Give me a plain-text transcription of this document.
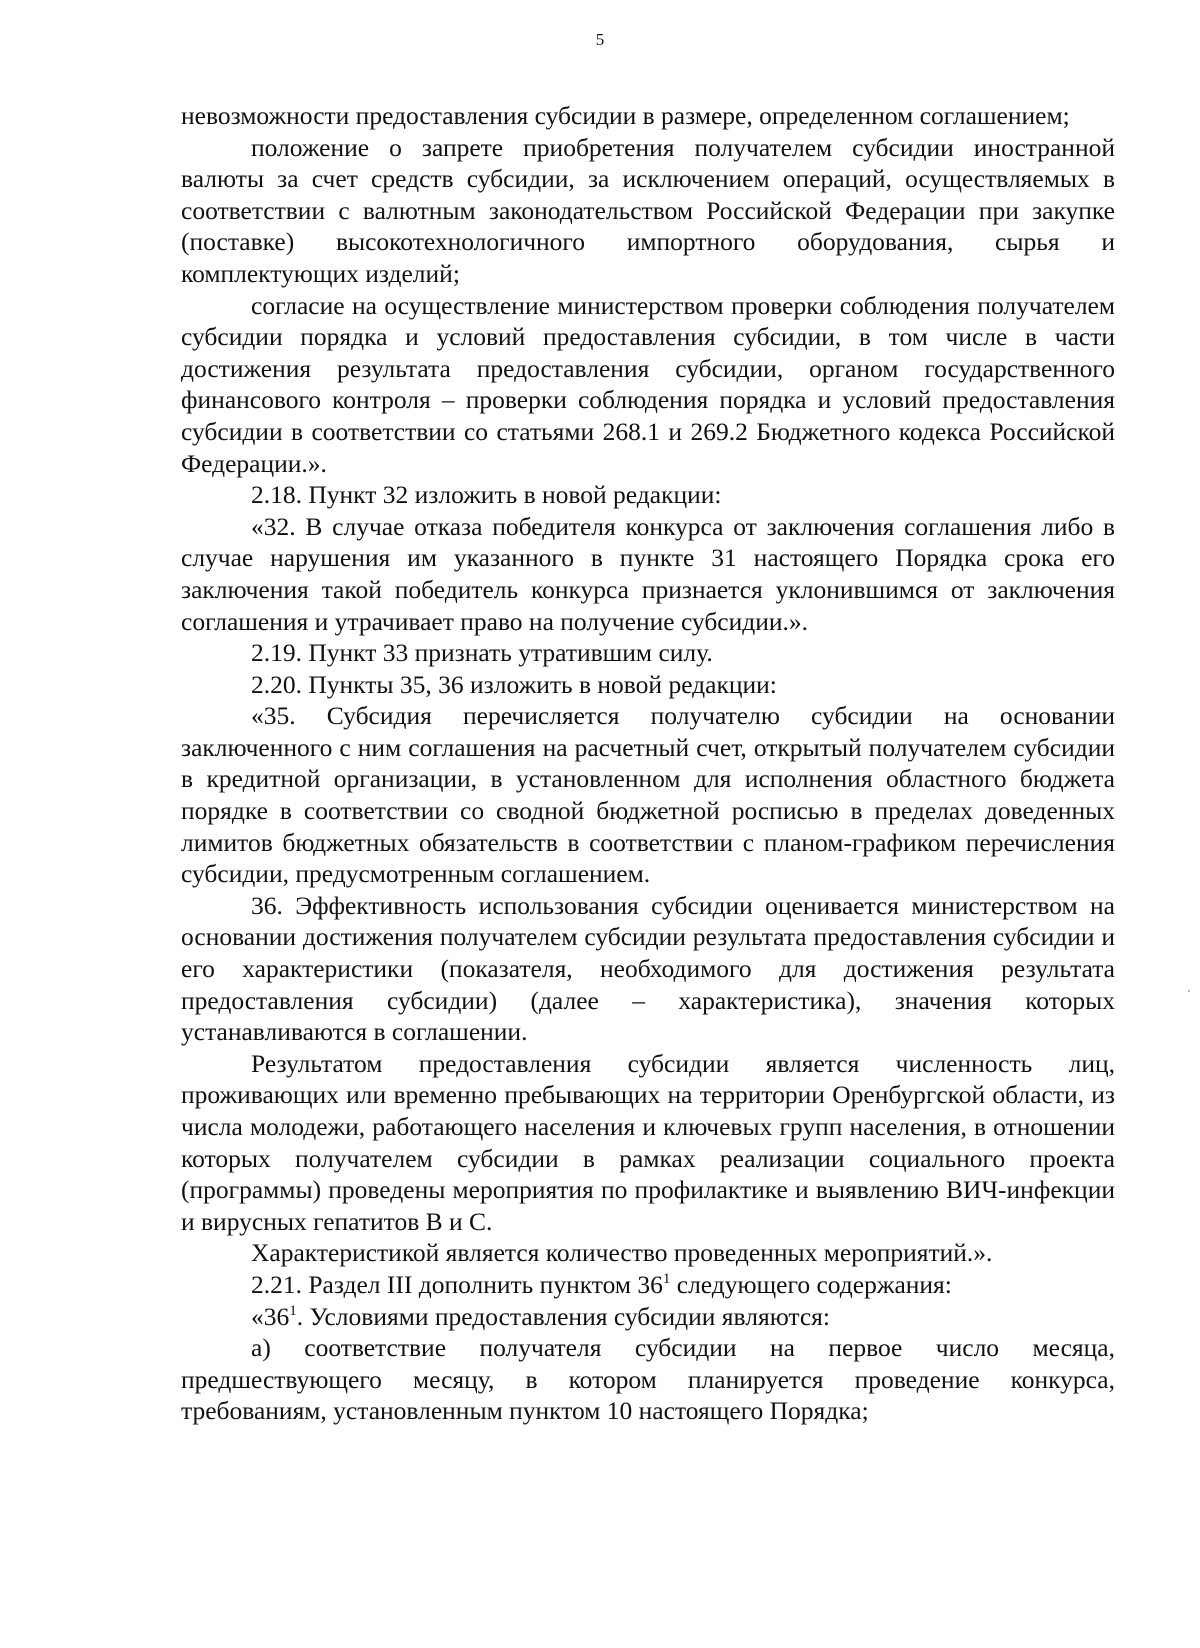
5

невозможности предоставления субсидии в размере, определенном соглашением;

положение о запрете приобретения получателем субсидии иностранной валюты за счет средств субсидии, за исключением операций, осуществляемых в соответствии с валютным законодательством Российской Федерации при закупке (поставке) высокотехнологичного импортного оборудования, сырья и комплектующих изделий;

согласие на осуществление министерством проверки соблюдения получателем субсидии порядка и условий предоставления субсидии, в том числе в части достижения результата предоставления субсидии, органом государственного финансового контроля – проверки соблюдения порядка и условий предоставления субсидии в соответствии со статьями 268.1 и 269.2 Бюджетного кодекса Российской Федерации.».

2.18. Пункт 32 изложить в новой редакции:

«32. В случае отказа победителя конкурса от заключения соглашения либо в случае нарушения им указанного в пункте 31 настоящего Порядка срока его заключения такой победитель конкурса признается уклонившимся от заключения соглашения и утрачивает право на получение субсидии.».

2.19. Пункт 33 признать утратившим силу.

2.20. Пункты 35, 36 изложить в новой редакции:

«35. Субсидия перечисляется получателю субсидии на основании заключенного с ним соглашения на расчетный счет, открытый получателем субсидии в кредитной организации, в установленном для исполнения областного бюджета порядке в соответствии со сводной бюджетной росписью в пределах доведенных лимитов бюджетных обязательств в соответствии с планом-графиком перечисления субсидии, предусмотренным соглашением.

36. Эффективность использования субсидии оценивается министерством на основании достижения получателем субсидии результата предоставления субсидии и его характеристики (показателя, необходимого для достижения результата предоставления субсидии) (далее – характеристика), значения которых устанавливаются в соглашении.

Результатом предоставления субсидии является численность лиц, проживающих или временно пребывающих на территории Оренбургской области, из числа молодежи, работающего населения и ключевых групп населения, в отношении которых получателем субсидии в рамках реализации социального проекта (программы) проведены мероприятия по профилактике и выявлению ВИЧ-инфекции и вирусных гепатитов В и С.

Характеристикой является количество проведенных мероприятий.».

2.21. Раздел III дополнить пунктом $36^1$ следующего содержания:

«$36^1$. Условиями предоставления субсидии являются:

а) соответствие получателя субсидии на первое число месяца, предшествующего месяцу, в котором планируется проведение конкурса, требованиям, установленным пунктом 10 настоящего Порядка;
